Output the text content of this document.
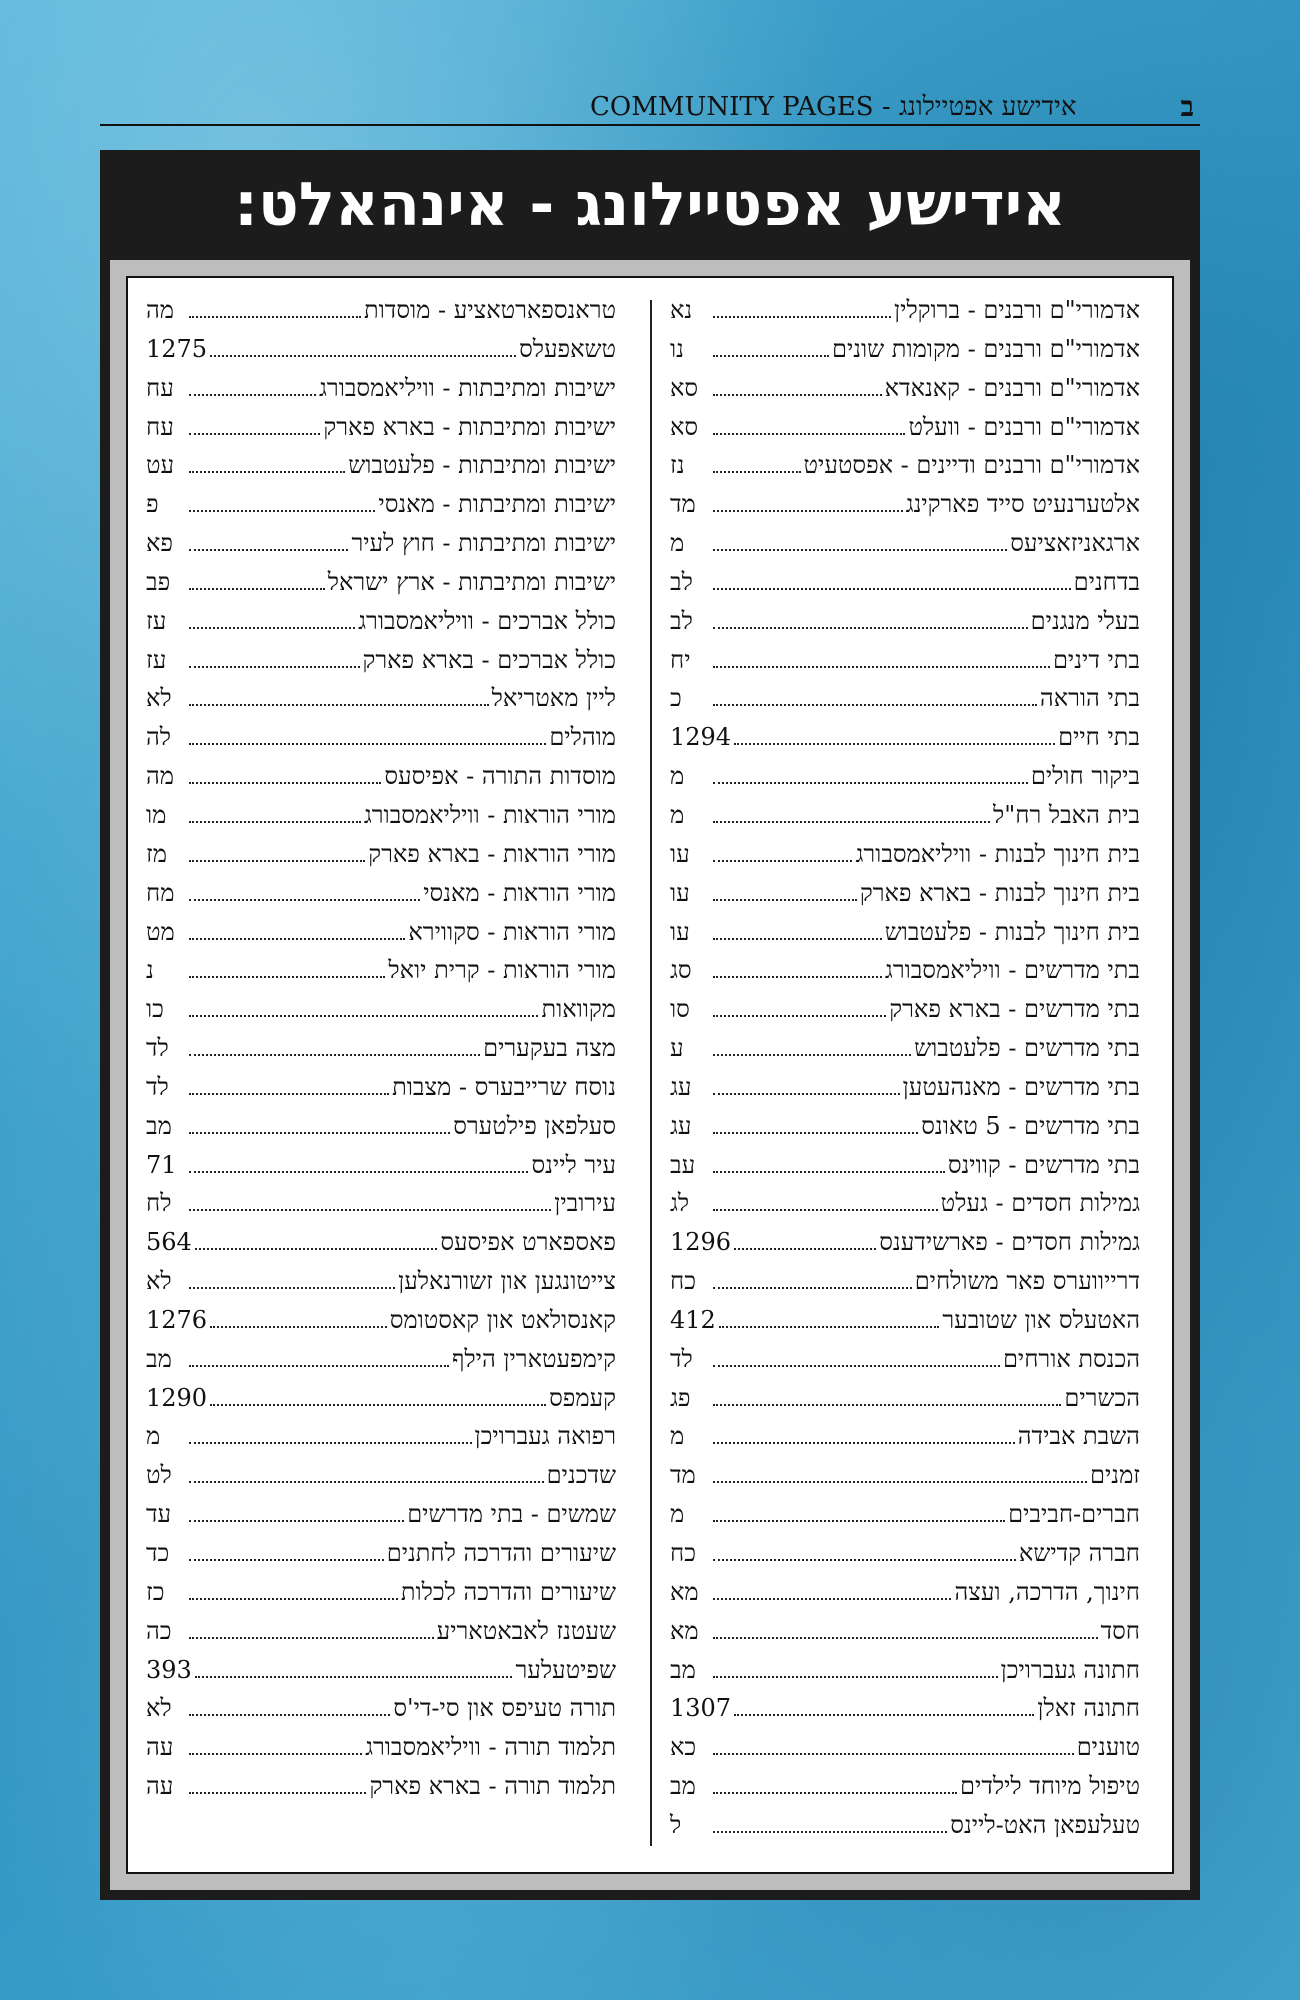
COMMUNITY PAGES - אידישע אפטיילונג	ב
אידישע אפטיילונג - אינהאלט:
אדמורי"ם ורבנים - ברוקלין
נא
אדמורי"ם ורבנים - מקומות שונים
נו
אדמורי"ם ורבנים - קאנאדא
סא
אדמורי"ם ורבנים - וועלט
סא
אדמורי"ם ורבנים ודיינים - אפסטעיט
נז
אלטערנעיט סייד פארקינג
מד
ארגאניזאציעס
מ
בדחנים
לב
בעלי מנגנים
לב
בתי דינים
יח
בתי הוראה
כ
בתי חיים
1294
ביקור חולים
מ
בית האבל רח"ל
מ
בית חינוך לבנות - וויליאמסבורג
עו
בית חינוך לבנות - בארא פארק
עו
בית חינוך לבנות - פלעטבוש
עו
בתי מדרשים - וויליאמסבורג
סג
בתי מדרשים - בארא פארק
סו
בתי מדרשים - פלעטבוש
ע
בתי מדרשים - מאנהעטען
עג
בתי מדרשים - 5 טאונס
עג
בתי מדרשים - קווינס
עב
גמילות חסדים - געלט
לג
גמילות חסדים - פארשידענס
1296
דרייווערס פאר משולחים
כח
האטעלס און שטובער
412
הכנסת אורחים
לד
הכשרים
פג
השבת אבידה
מ
זמנים
מד
חברים-חביבים
מ
חברה קדישא
כח
חינוך, הדרכה, ועצה
מא
חסד
מא
חתונה געברויכן
מב
חתונה זאלן
1307
טוענים
כא
טיפול מיוחד לילדים
מב
טעלעפאן האט-ליינס
ל
טראנספארטאציע - מוסדות
מה
טשאפעלס
1275
ישיבות ומתיבתות - וויליאמסבורג
עח
ישיבות ומתיבתות - בארא פארק
עח
ישיבות ומתיבתות - פלעטבוש
עט
ישיבות ומתיבתות - מאנסי
פ
ישיבות ומתיבתות - חוץ לעיר
פא
ישיבות ומתיבתות - ארץ ישראל
פב
כולל אברכים - וויליאמסבורג
עז
כולל אברכים - בארא פארק
עז
ליין מאטריאל
לא
מוהלים
לה
מוסדות התורה - אפיסעס
מה
מורי הוראות - וויליאמסבורג
מו
מורי הוראות - בארא פארק
מז
מורי הוראות - מאנסי
מח
מורי הוראות - סקווירא
מט
מורי הוראות - קרית יואל
נ
מקוואות
כו
מצה בעקערים
לד
נוסח שרייבערס - מצבות
לד
סעלפאן פילטערס
מב
עיר ליינס
71
עירובין
לח
פאספארט אפיסעס
564
צייטונגען און זשורנאלען
לא
קאנסולאט און קאסטומס
1276
קימפעטארין הילף
מב
קעמפס
1290
רפואה געברויכן
מ
שדכנים
לט
שמשים - בתי מדרשים
עד
שיעורים והדרכה לחתנים
כד
שיעורים והדרכה לכלות
כז
שעטנז לאבאטאריע
כה
שפיטעלער
393
תורה טעיפס און סי-די'ס
לא
תלמוד תורה - וויליאמסבורג
עה
תלמוד תורה - בארא פארק
עה
